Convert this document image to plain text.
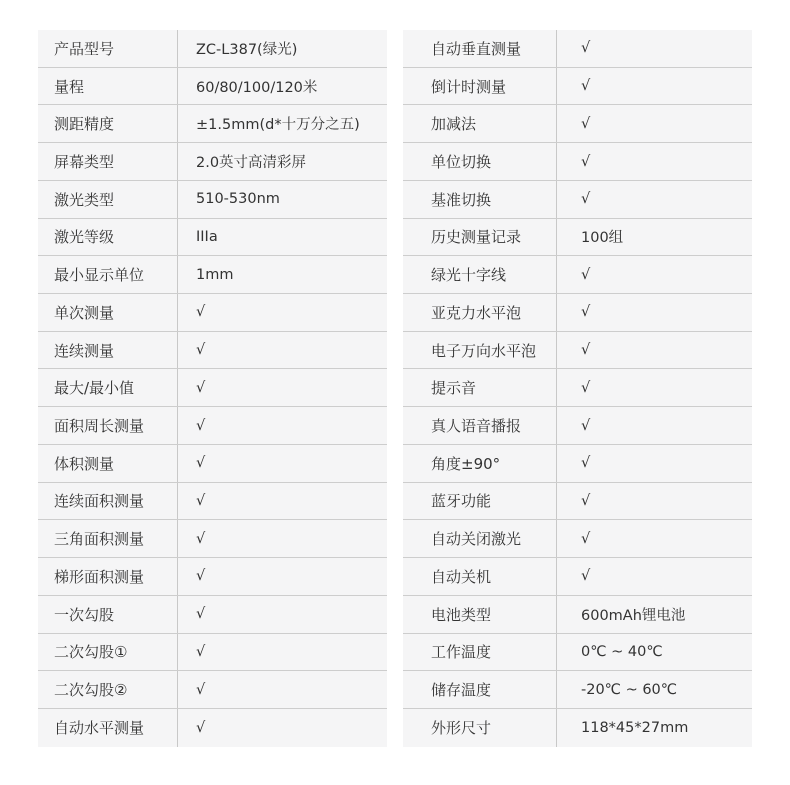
产品型号	ZC-L387(绿光)
量程	60/80/100/120米
测距精度	±1.5mm(d*十万分之五)
屏幕类型	2.0英寸高清彩屏
激光类型	510-530nm
激光等级	IIIa
最小显示单位	1mm
单次测量	√
连续测量	√
最大/最小值	√
面积周长测量	√
体积测量	√
连续面积测量	√
三角面积测量	√
梯形面积测量	√
一次勾股	√
二次勾股①	√
二次勾股②	√
自动水平测量	√
自动垂直测量	√
倒计时测量	√
加减法	√
单位切换	√
基准切换	√
历史测量记录	100组
绿光十字线	√
亚克力水平泡	√
电子万向水平泡	√
提示音	√
真人语音播报	√
角度±90°	√
蓝牙功能	√
自动关闭激光	√
自动关机	√
电池类型	600mAh锂电池
工作温度	0℃ ~ 40℃
储存温度	-20℃ ~ 60℃
外形尺寸	118*45*27mm
